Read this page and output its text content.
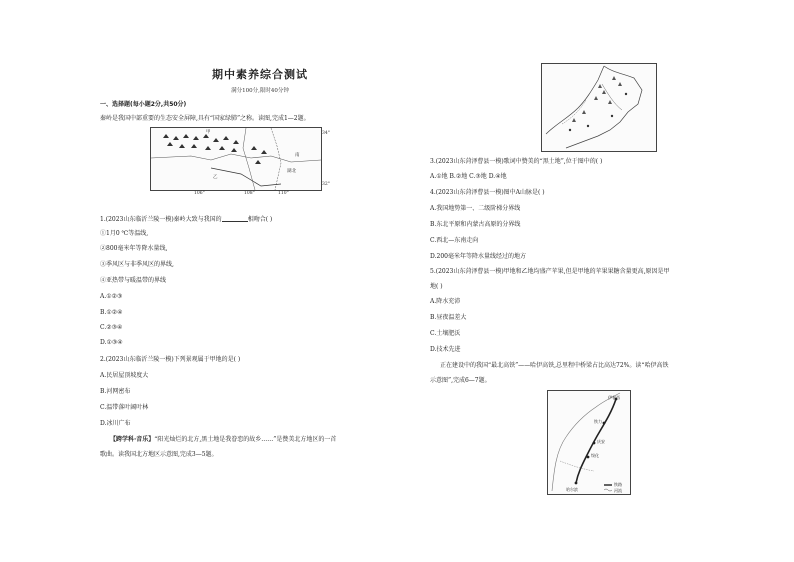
期中素养综合测试
满分100分,限时40分钟
一、选择题(每小题2分,共50分)
秦岭是我国中部重要的生态安全屏障,具有“国家绿肺”之称。读图,完成1—2题。
甲
南
乙
湖北
34°
32°
106°	108°	110°
1.(2023山东临沂兰陵一模)秦岭大致与我国的	相吻合( )
①1月0 ℃等温线,
②800毫米年等降水量线,
③季风区与非季风区的界线,
④亚热带与暖温带的界线
A.①②③
B.①②④
C.②③④
D.①③④
2.(2023山东临沂兰陵一模)下列景观属于甲地的是( )
A.民居屋顶坡度大
B.河网密布
C.温带落叶阔叶林
D.冰川广布
【跨学科·音乐】“阳光灿烂的北方,黑土地是我眷恋的故乡……”是赞美北方地区的一首
歌曲。读我国北方地区示意图,完成3—5题。
3.(2023山东菏泽曹县一模)歌词中赞美的“黑土地”,位于图中的( )
A.①地 B.②地 C.③地 D.④地
4.(2023山东菏泽曹县一模)图中A山脉是( )
A.我国地势第一、二级阶梯分界线
B.东北平原和内蒙古高原的分界线
C.西北—东南走向
D.200毫米年等降水量线经过的地方
5.(2023山东菏泽曹县一模)甲地和乙地均盛产苹果,但是甲地的苹果果糖含量更高,原因是甲
地( )
A.降水充沛
B.昼夜温差大
C.土壤肥沃
D.技术先进
正在建设中的我国“最北高铁”——哈伊高铁,总里程中桥梁占比高达72%。读“哈伊高铁
示意图”,完成6—7题。
伊春西
铁力
庆安
绥化
哈尔滨
铁路
河流
